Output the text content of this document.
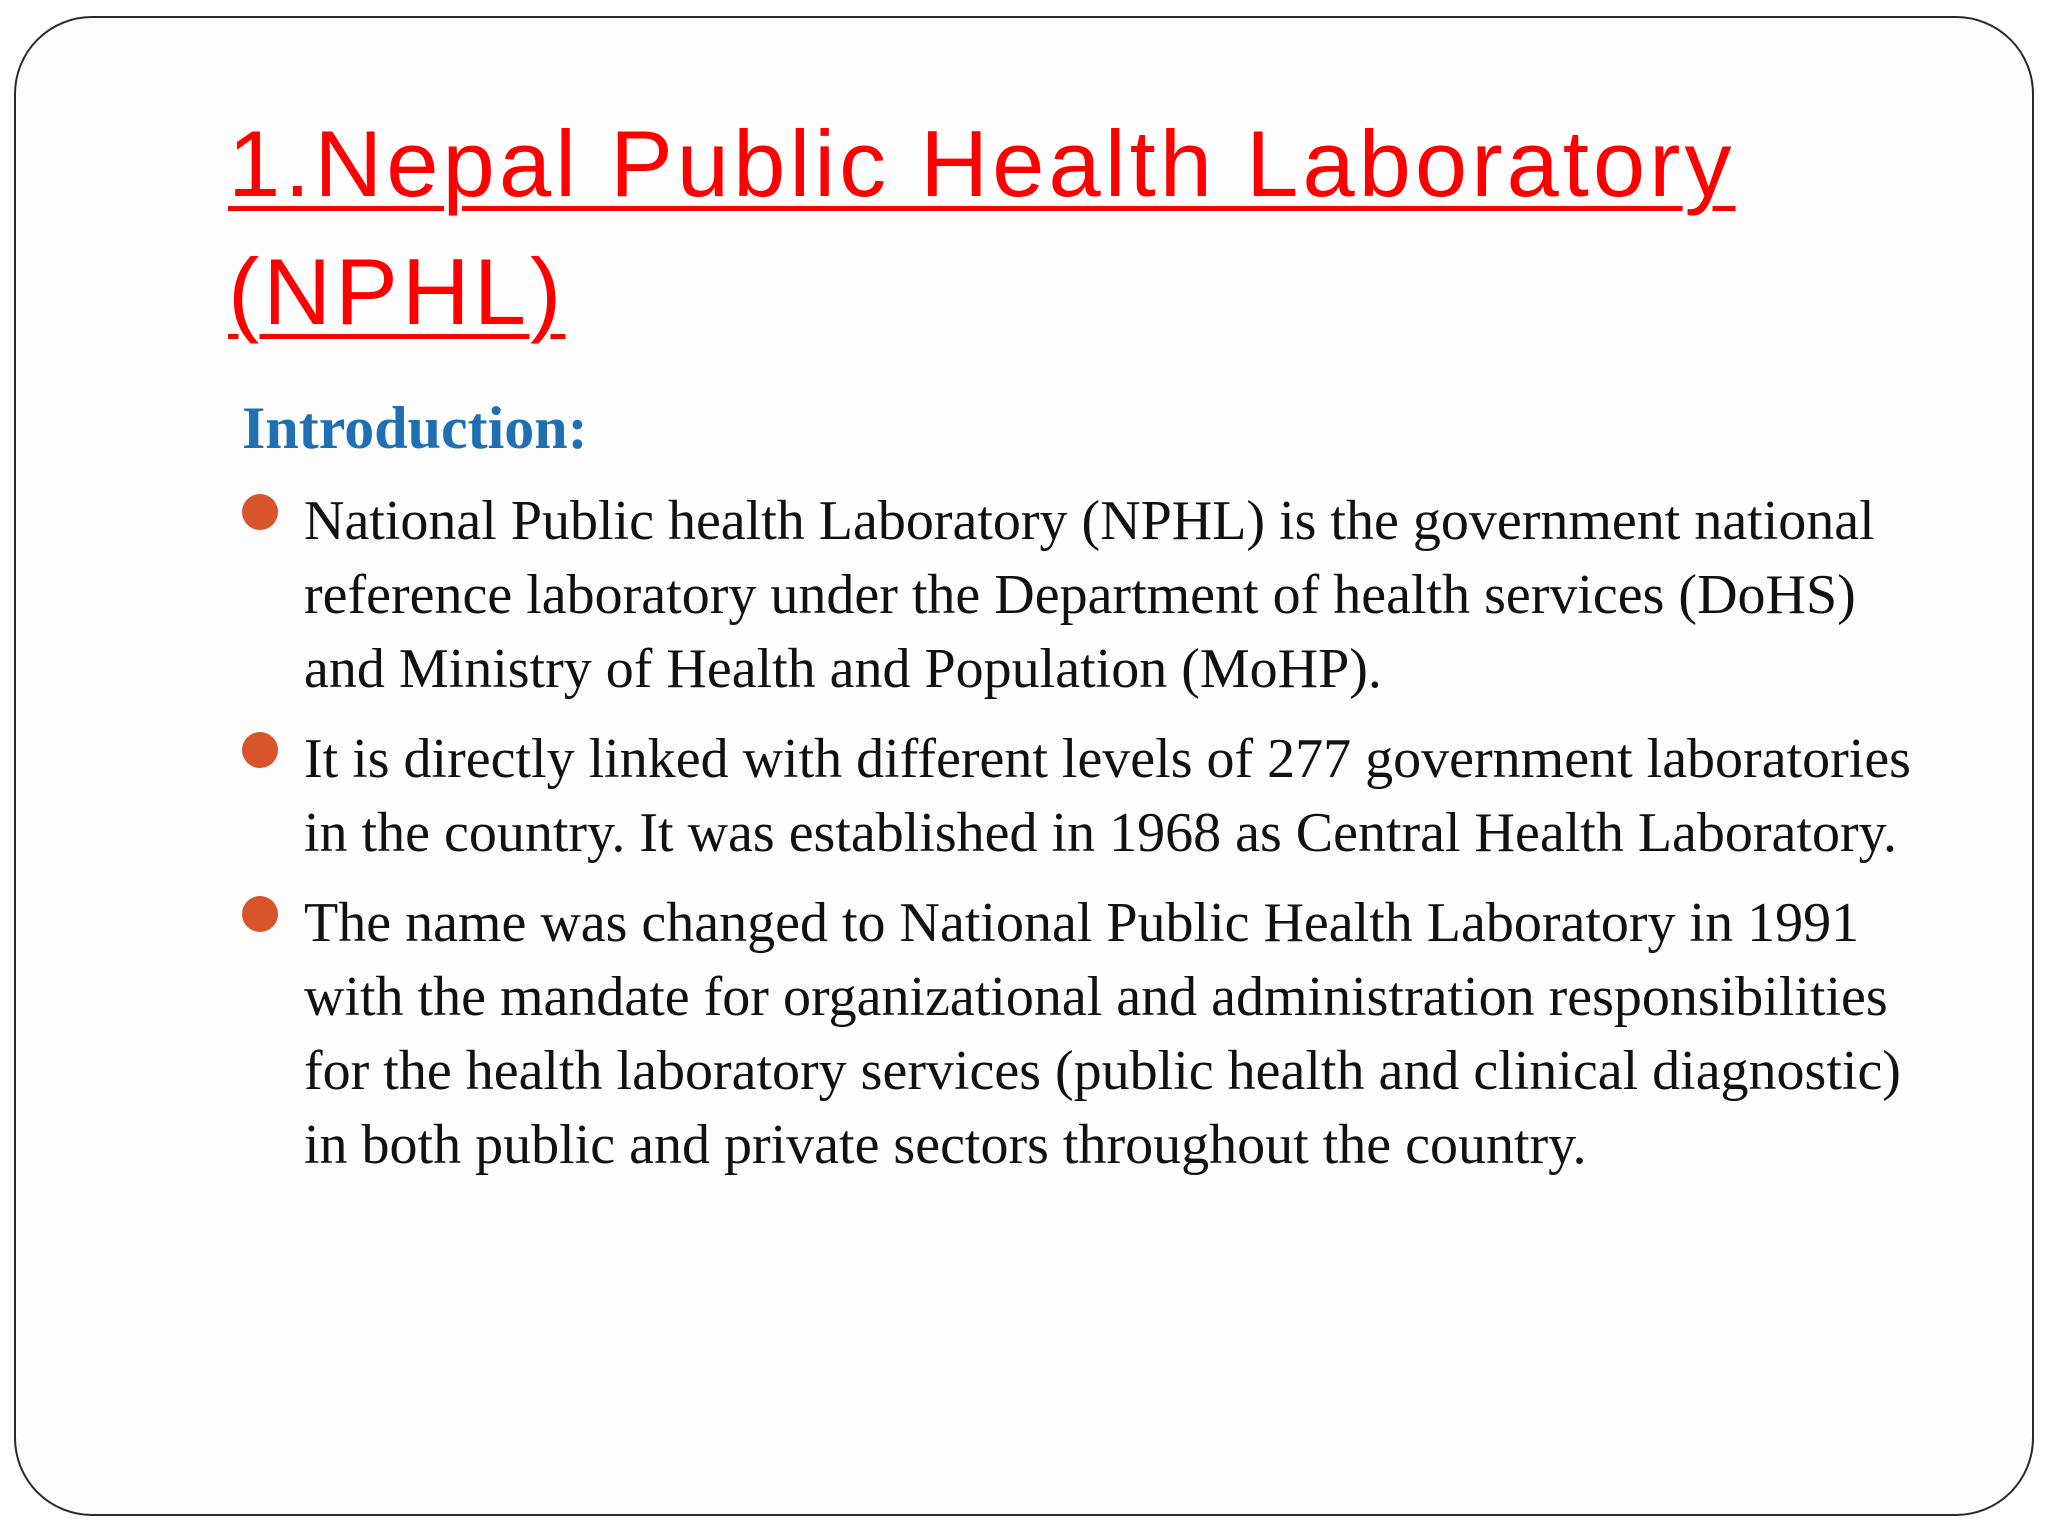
1.Nepal Public Health Laboratory (NPHL)
Introduction:
National Public health Laboratory (NPHL) is the government national reference laboratory under the Department of health services (DoHS) and Ministry of Health and Population (MoHP).
It is directly linked with different levels of 277 government laboratories in the country. It was established in 1968 as Central Health Laboratory.
The name was changed to National Public Health Laboratory in 1991 with the mandate for organizational and administration responsibilities for the health laboratory services (public health and clinical diagnostic) in both public and private sectors throughout the country.
